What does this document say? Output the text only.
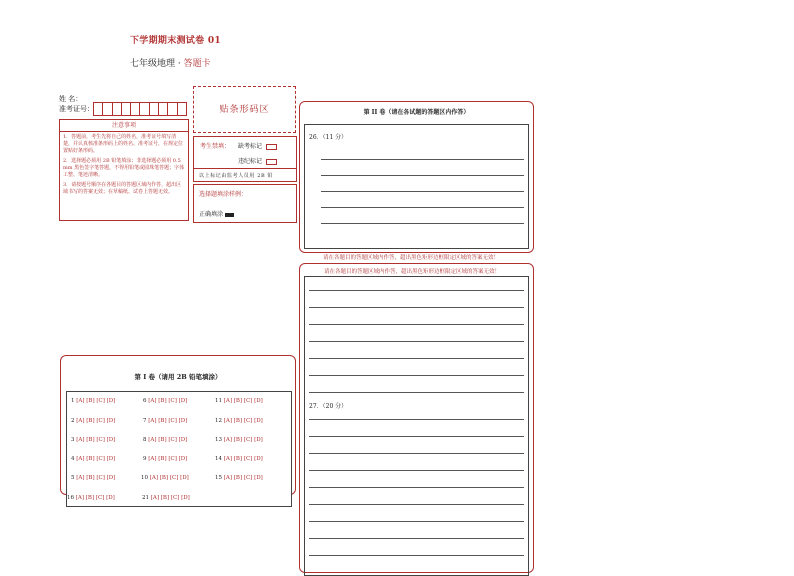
下学期期末测试卷 01
七年级地理 · 答题卡
姓 名：
准考证号：
注意事项

1．答题前，考生先将自己的姓名，准考证号填写清楚，并认真核准条形码上的姓名、准考证号，在规定位置贴好条形码。

2．选择题必须用 2B 铅笔填涂；非选择题必须用 0.5 mm 黑色签字笔答题，不得用铅笔或圆珠笔答题；字体工整、笔迹清晰。

3．请按题号顺序在各题目的答题区域内作答，超出区域书写的答案无效；在草稿纸、试卷上答题无效。

贴条形码区
考生禁填： 缺考标记
违纪标记
以上标记由监考人员用 2B 铅
选择题填涂样例：
正确填涂
第 I 卷（请用 2B 铅笔填涂）
1 [A] [B] [C] [D]
2 [A] [B] [C] [D]
3 [A] [B] [C] [D]
4 [A] [B] [C] [D]
5 [A] [B] [C] [D]
16 [A] [B] [C] [D]
6 [A] [B] [C] [D]
7 [A] [B] [C] [D]
8 [A] [B] [C] [D]
9 [A] [B] [C] [D]
10 [A] [B] [C] [D]
21 [A] [B] [C] [D]
11 [A] [B] [C] [D]
12 [A] [B] [C] [D]
13 [A] [B] [C] [D]
14 [A] [B] [C] [D]
15 [A] [B] [C] [D]
第 II 卷（请在各试题的答题区内作答）
26．（11 分）
请在各题目的答题区域内作答，超出黑色矩形边框限定区域的答案无效！
请在各题目的答题区域内作答，超出黑色矩形边框限定区域的答案无效！
27．（20 分）
